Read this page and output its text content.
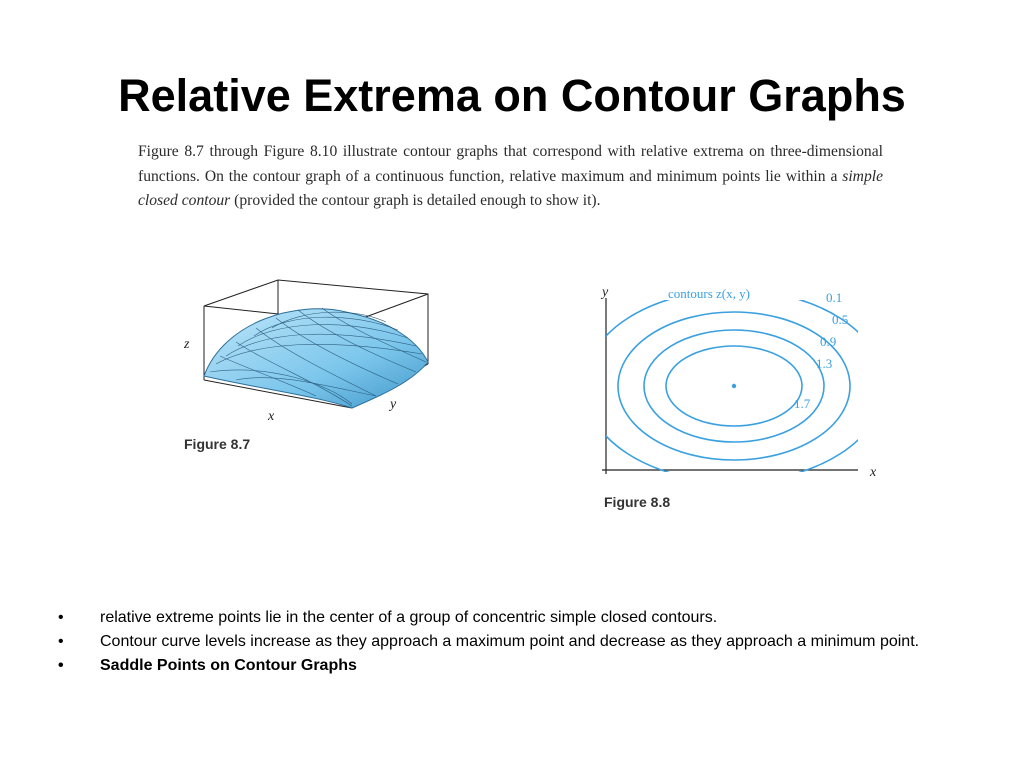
Relative Extrema on Contour Graphs

Figure 8.7 through Figure 8.10 illustrate contour graphs that correspond with relative extrema on three-dimensional functions. On the contour graph of a continuous function, relative maximum and minimum points lie within a simple closed contour (provided the contour graph is detailed enough to show it).

z
x
y
Figure 8.7
y
x
contours z(x, y)	0.1
0.5
0.9
1.3
1.7
Figure 8.8
• relative extreme points lie in the center of a group of concentric simple closed contours.
• Contour curve levels increase as they approach a maximum point and decrease as they approach a minimum point.
• Saddle Points on Contour Graphs
